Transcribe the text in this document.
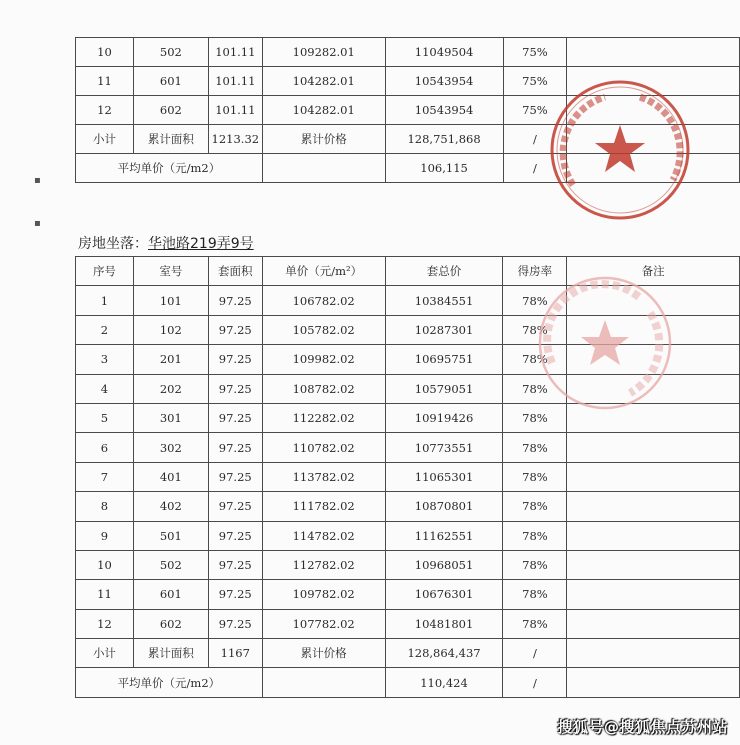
10	502	101.11	109282.01	11049504	75%	
11	601	101.11	104282.01	10543954	75%	
12	602	101.11	104282.01	10543954	75%	
小计	累计面积	1213.32	累计价格	128,751,868	/	
平均单价（元/m2）				106,115	/	
▪
▪
房地坐落：华池路219弄9号
序号	室号	套面积	单价（元/m²）	套总价	得房率	备注
1	101	97.25	106782.02	10384551	78%	
2	102	97.25	105782.02	10287301	78%	
3	201	97.25	109982.02	10695751	78%	
4	202	97.25	108782.02	10579051	78%	
5	301	97.25	112282.02	10919426	78%	
6	302	97.25	110782.02	10773551	78%	
7	401	97.25	113782.02	11065301	78%	
8	402	97.25	111782.02	10870801	78%	
9	501	97.25	114782.02	11162551	78%	
10	502	97.25	112782.02	10968051	78%	
11	601	97.25	109782.02	10676301	78%	
12	602	97.25	107782.02	10481801	78%	
小计	累计面积	1167	累计价格	128,864,437	/	
平均单价（元/m2）				110,424	/	
搜狐号@搜狐焦点苏州站
